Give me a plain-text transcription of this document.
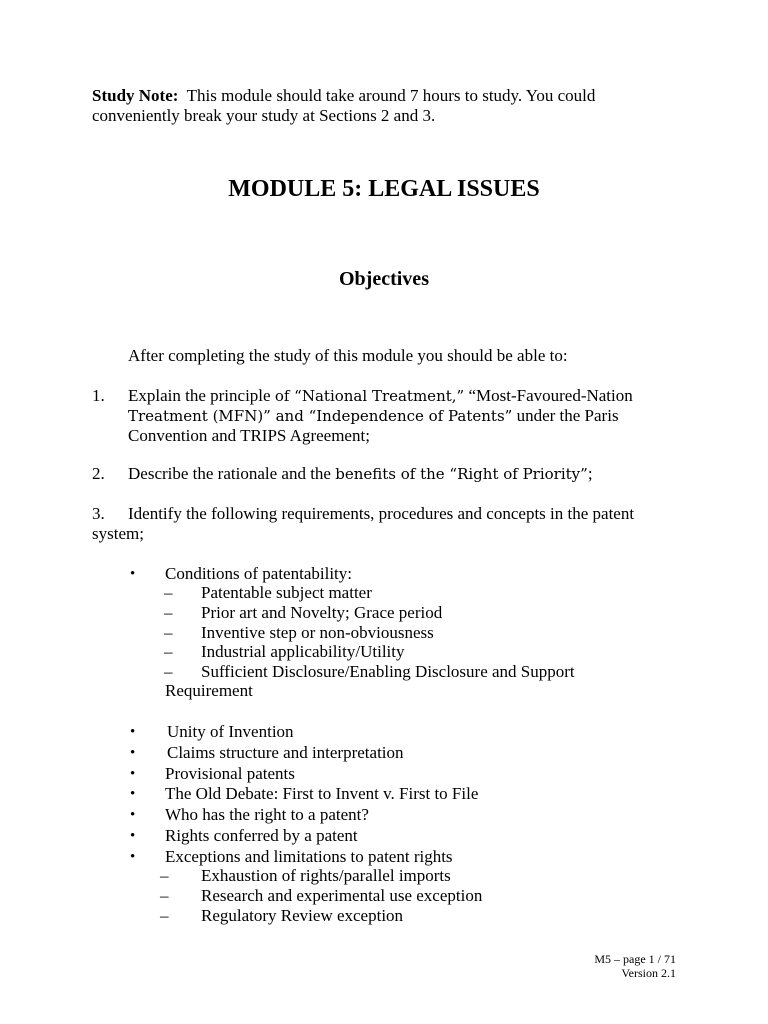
Study Note: This module should take around 7 hours to study. You could
conveniently break your study at Sections 2 and 3.
MODULE 5: LEGAL ISSUES
Objectives
After completing the study of this module you should be able to:
1. Explain the principle of “National Treatment,” “Most-Favoured-Nation
Treatment (MFN)” and “Independence of Patents” under the Paris
Convention and TRIPS Agreement;
2. Describe the rationale and the benefits of the “Right of Priority”;
3. Identify the following requirements, procedures and concepts in the patent
system;
• Conditions of patentability:
– Patentable subject matter
– Prior art and Novelty; Grace period
– Inventive step or non-obviousness
– Industrial applicability/Utility
– Sufficient Disclosure/Enabling Disclosure and Support
Requirement
• Unity of Invention
• Claims structure and interpretation
• Provisional patents
• The Old Debate: First to Invent v. First to File
• Who has the right to a patent?
• Rights conferred by a patent
• Exceptions and limitations to patent rights
– Exhaustion of rights/parallel imports
– Research and experimental use exception
– Regulatory Review exception
M5 – page 1 / 71
Version 2.1
